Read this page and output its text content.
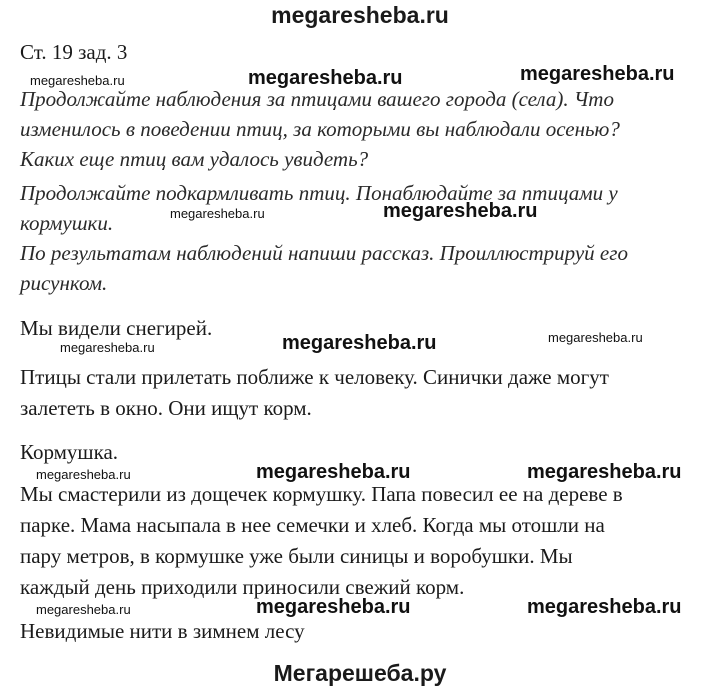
megaresheba.ru
Ст. 19 зад. 3
Продолжайте наблюдения за птицами вашего города (села). Что
изменилось в поведении птиц, за которыми вы наблюдали осенью?
Каких еще птиц вам удалось увидеть?
Продолжайте подкармливать птиц. Понаблюдайте за птицами у
кормушки.
По результатам наблюдений напиши рассказ. Проиллюстрируй его
рисунком.
Мы видели снегирей.
Птицы стали прилетать поближе к человеку. Синички даже могут
залететь в окно. Они ищут корм.
Кормушка.
Мы смастерили из дощечек кормушку. Папа повесил ее на дереве в
парке. Мама насыпала в нее семечки и хлеб. Когда мы отошли на
пару метров, в кормушке уже были синицы и воробушки. Мы
каждый день приходили приносили свежий корм.
Невидимые нити в зимнем лесу
megaresheba.ru	megaresheba.ru	megaresheba.ru
megaresheba.ru	megaresheba.ru
megaresheba.ru	megaresheba.ru	megaresheba.ru
megaresheba.ru	megaresheba.ru	megaresheba.ru
megaresheba.ru	megaresheba.ru	megaresheba.ru
Мегарешеба.ру
